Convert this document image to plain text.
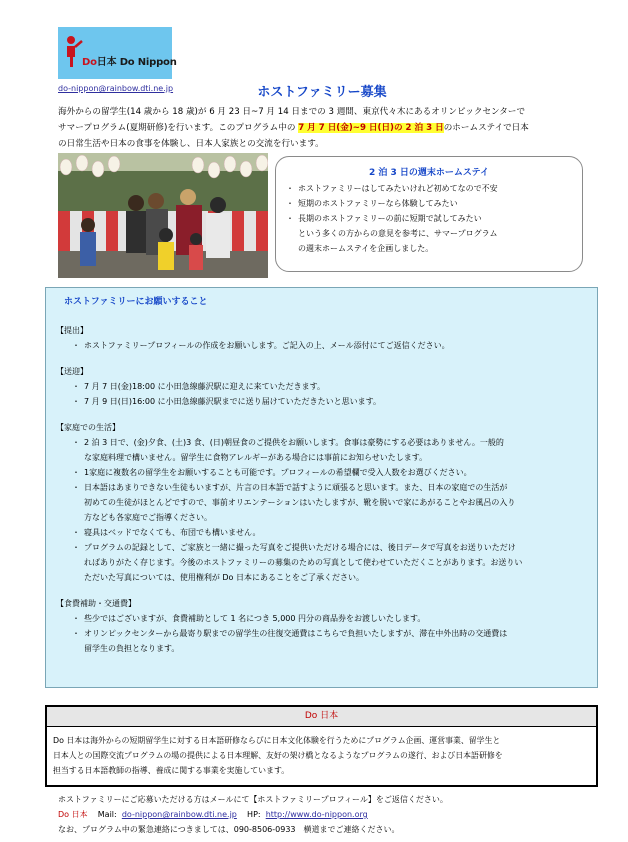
Do日本 Do Nippon
do-nippon@rainbow.dti.ne.jp	ホストファミリー募集
海外からの留学生(14 歳から 18 歳)が 6 月 23 日~7 月 14 日までの 3 週間、東京代々木にあるオリンピックセンターで
サマープログラム(夏期研修)を行います。このプログラム中の 7 月 7 日(金)~9 日(日)の 2 泊 3 日のホームステイで日本
の日常生活や日本の食事を体験し、日本人家族との交流を行います。
2 泊 3 日の週末ホームステイ
・ ホストファミリーはしてみたいけれど初めてなので不安
・ 短期のホストファミリーなら体験してみたい
・ 長期のホストファミリーの前に短期で試してみたい
という多くの方からの意見を参考に、サマープログラム
の週末ホームステイを企画しました。
ホストファミリーにお願いすること
【提出】
・ ホストファミリープロフィールの作成をお願いします。ご記入の上、メール添付にてご返信ください。
【送迎】
・ 7 月 7 日(金)18:00 に小田急線藤沢駅に迎えに来ていただきます。
・ 7 月 9 日(日)16:00 に小田急線藤沢駅までに送り届けていただきたいと思います。
【家庭での生活】
・ 2 泊 3 日で、(金)夕食、(土)3 食、(日)朝昼食のご提供をお願いします。食事は豪勢にする必要はありません。一般的
な家庭料理で構いません。留学生に食物アレルギーがある場合には事前にお知らせいたします。
・ 1家庭に複数名の留学生をお願いすることも可能です。プロフィールの希望欄で受入人数をお選びください。
・ 日本語はあまりできない生徒もいますが、片言の日本語で話すように頑張ると思います。また、日本の家庭での生活が
初めての生徒がほとんどですので、事前オリエンテーションはいたしますが、靴を脱いで家にあがることやお風呂の入り
方なども各家庭でご指導ください。
・ 寝具はベッドでなくても、布団でも構いません。
・ プログラムの記録として、ご家族と一緒に撮った写真をご提供いただける場合には、後日データで写真をお送りいただけ
ればありがたく存じます。今後のホストファミリーの募集のための写真として使わせていただくことがあります。お送りい
ただいた写真については、使用権利が Do 日本にあることをご了承ください。
【食費補助・交通費】
・ 些少ではございますが、食費補助として 1 名につき 5,000 円分の商品券をお渡しいたします。
・ オリンピックセンターから最寄り駅までの留学生の往復交通費はこちらで負担いたしますが、滞在中外出時の交通費は
留学生の負担となります。
Do 日本
Do 日本は海外からの短期留学生に対する日本語研修ならびに日本文化体験を行うためにプログラム企画、運営事業、留学生と
日本人との国際交流プログラムの場の提供による日本理解、友好の架け橋となるようなプログラムの遂行、および日本語研修を
担当する日本語教師の指導、養成に関する事業を実施しています。
ホストファミリーにご応募いただける方はメールにて【ホストファミリープロフィール】をご返信ください。
Do 日本 Mail: do-nippon@rainbow.dti.ne.jp HP: http://www.do-nippon.org
なお、プログラム中の緊急連絡につきましては、090-8506-0933　横道までご連絡ください。
